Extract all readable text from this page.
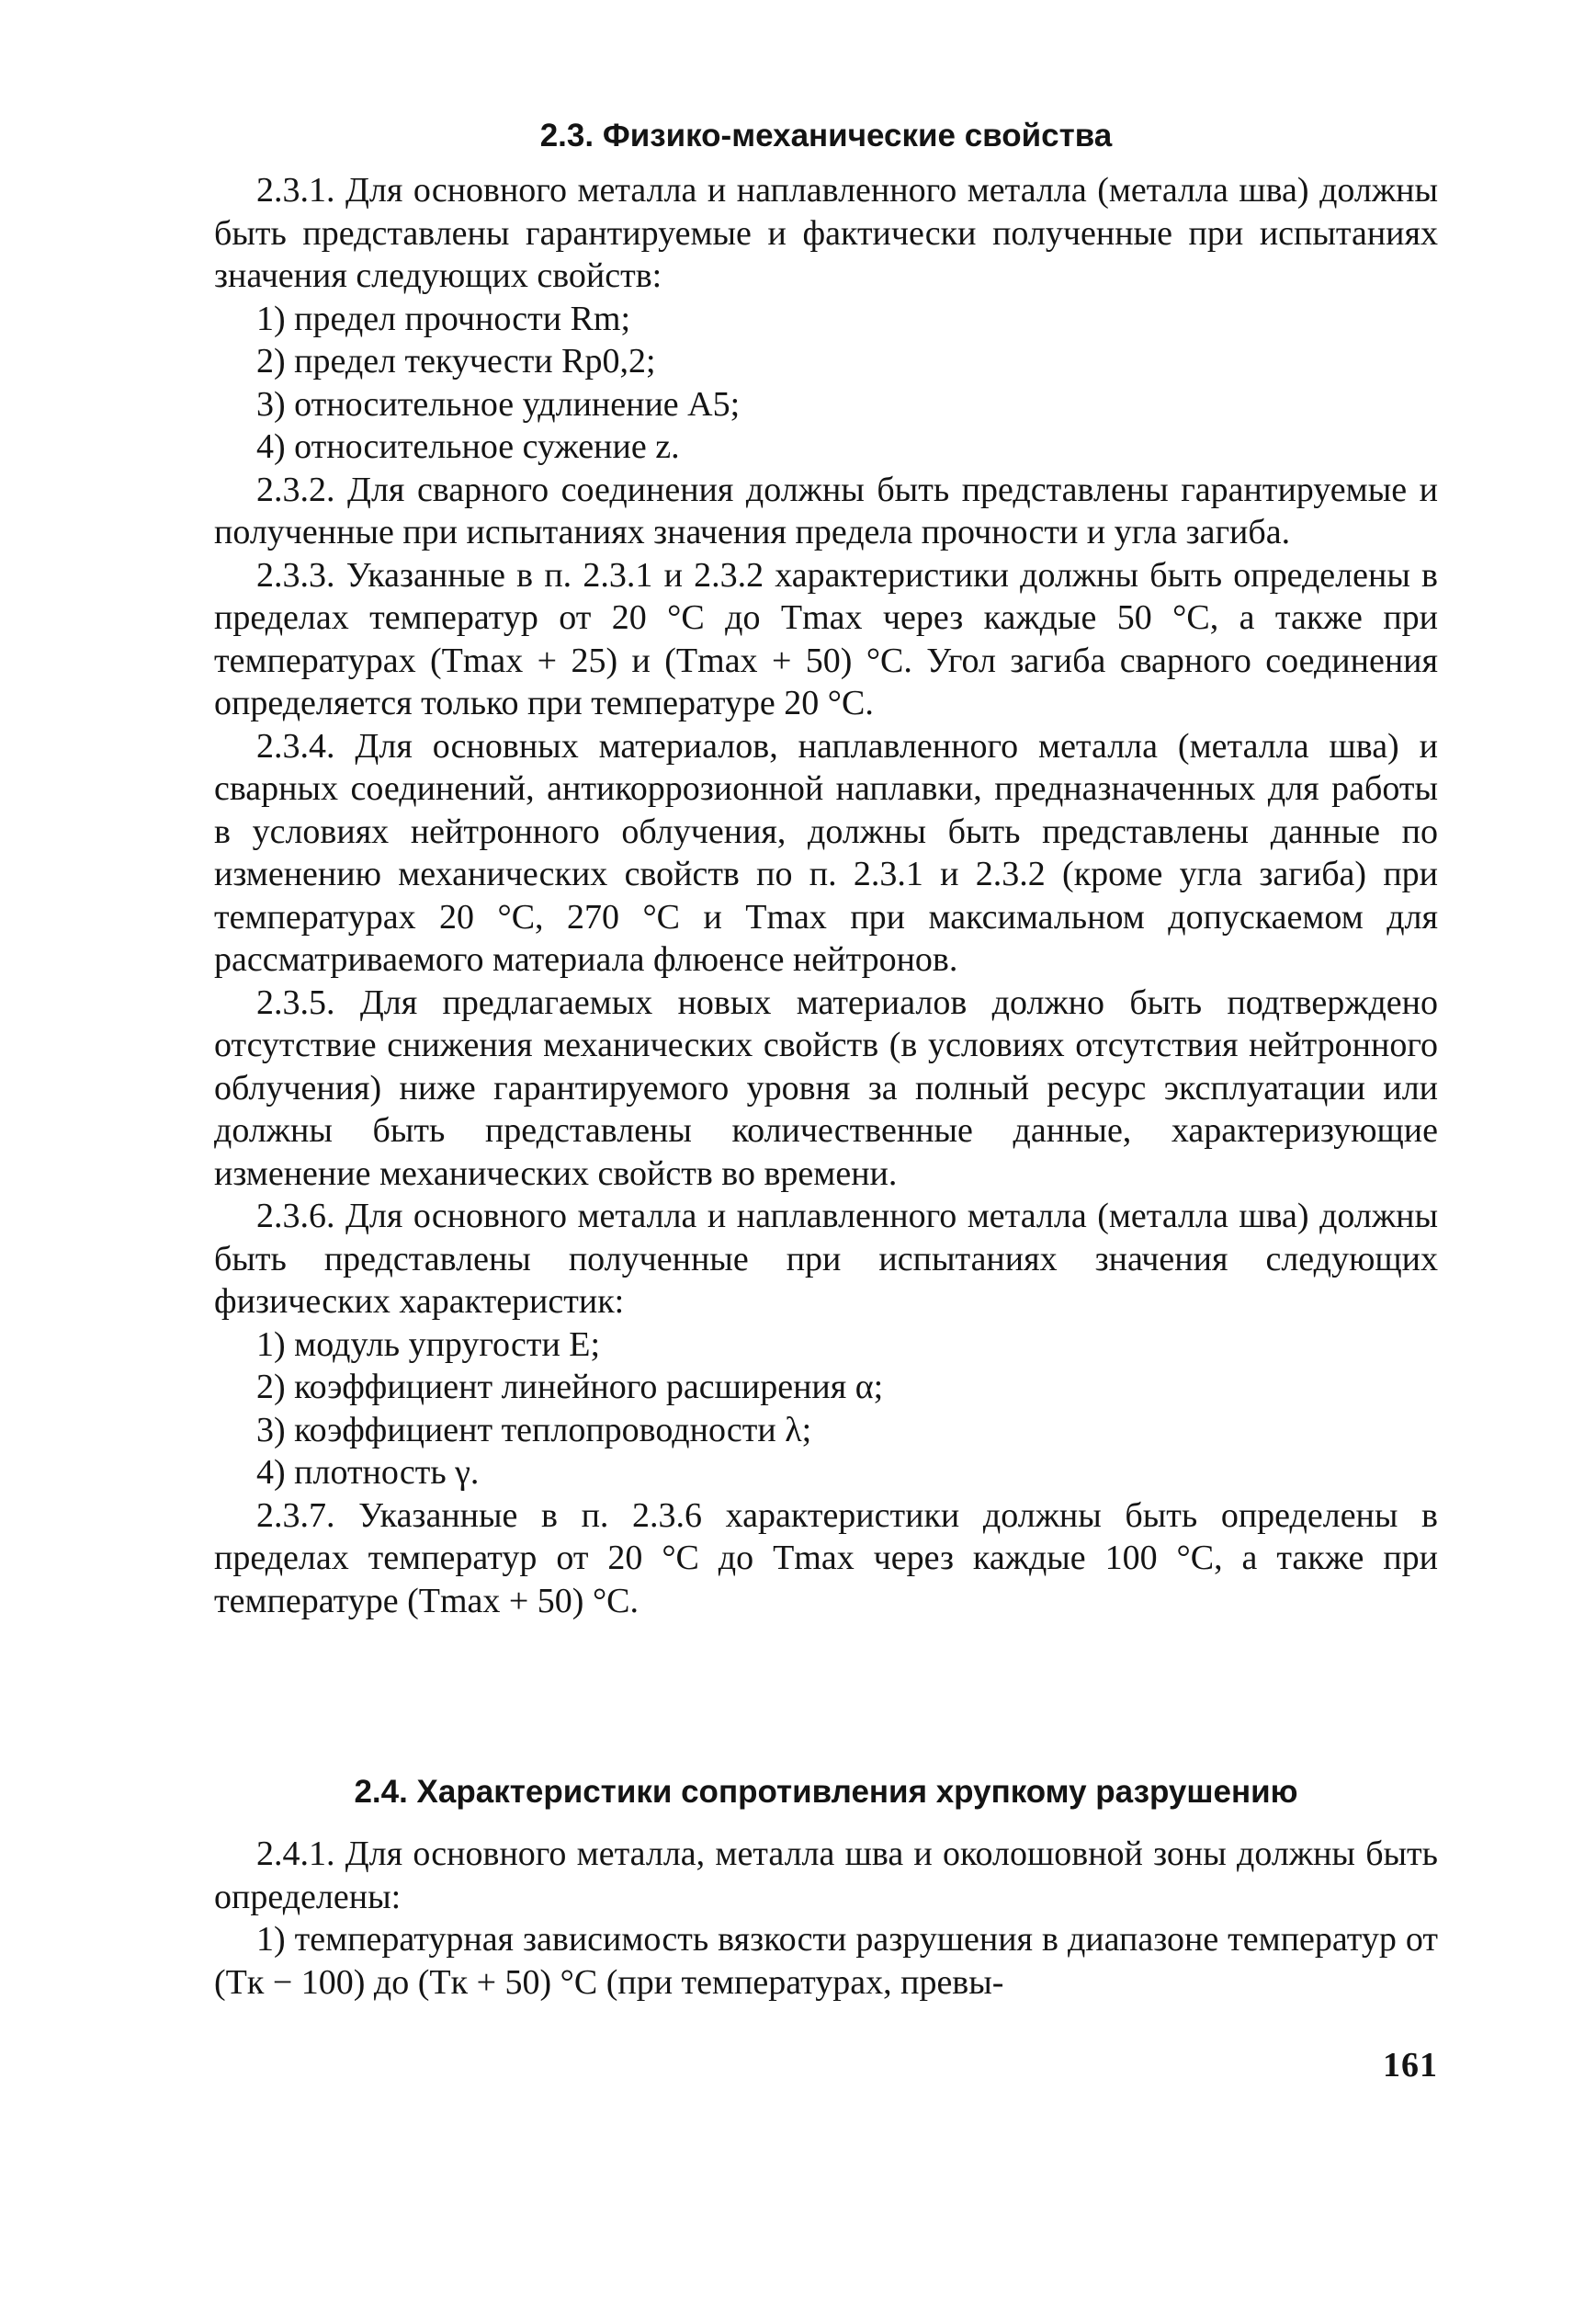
2.3. Физико-механические свойства

2.3.1. Для основного металла и наплавленного металла (металла шва) должны быть представлены гарантируемые и фактически полученные при испытаниях значения следующих свойств:

1) предел прочности Rm;

2) предел текучести Rp0,2;

3) относительное удлинение A5;

4) относительное сужение z.

2.3.2. Для сварного соединения должны быть представлены гарантируемые и полученные при испытаниях значения предела прочности и угла загиба.

2.3.3. Указанные в п. 2.3.1 и 2.3.2 характеристики должны быть определены в пределах температур от 20 °С до Tmax через каждые 50 °С, а также при температурах (Tmax + 25) и (Tmax + 50) °С. Угол загиба сварного соединения определяется только при температуре 20 °С.

2.3.4. Для основных материалов, наплавленного металла (металла шва) и сварных соединений, антикоррозионной наплавки, предназначенных для работы в условиях нейтронного облучения, должны быть представлены данные по изменению механических свойств по п. 2.3.1 и 2.3.2 (кроме угла загиба) при температурах 20 °С, 270 °С и Tmax при максимальном допускаемом для рассматриваемого материала флюенсе нейтронов.

2.3.5. Для предлагаемых новых материалов должно быть подтверждено отсутствие снижения механических свойств (в условиях отсутствия нейтронного облучения) ниже гарантируемого уровня за полный ресурс эксплуатации или должны быть представлены количественные данные, характеризующие изменение механических свойств во времени.

2.3.6. Для основного металла и наплавленного металла (металла шва) должны быть представлены полученные при испытаниях значения следующих физических характеристик:

1) модуль упругости E;

2) коэффициент линейного расширения α;

3) коэффициент теплопроводности λ;

4) плотность γ.

2.3.7. Указанные в п. 2.3.6 характеристики должны быть определены в пределах температур от 20 °С до Tmax через каждые 100 °С, а также при температуре (Tmax + 50) °С.

2.4. Характеристики сопротивления хрупкому разрушению

2.4.1. Для основного металла, металла шва и околошовной зоны должны быть определены:

1) температурная зависимость вязкости разрушения в диапазоне температур от (Tк − 100) до (Tк + 50) °С (при температурах, превы-

161
